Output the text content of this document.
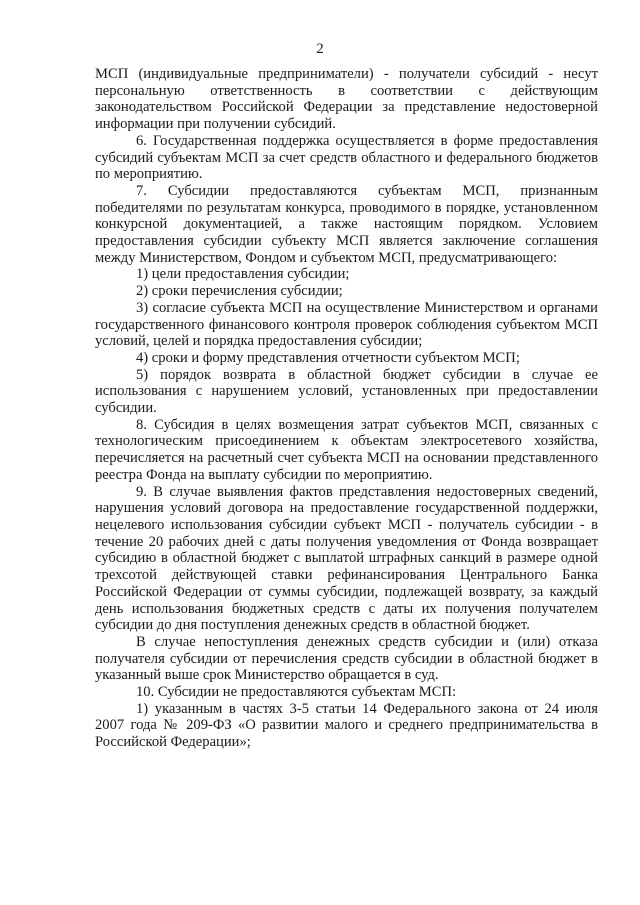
2

МСП (индивидуальные предприниматели) - получатели субсидий - несут персональную ответственность в соответствии с действующим законодательством Российской Федерации за представление недостоверной информации при получении субсидий.

6. Государственная поддержка осуществляется в форме предоставления субсидий субъектам МСП за счет средств областного и федерального бюджетов по мероприятию.

7. Субсидии предоставляются субъектам МСП, признанным победителями по результатам конкурса, проводимого в порядке, установленном конкурсной документацией, а также настоящим порядком. Условием предоставления субсидии субъекту МСП является заключение соглашения между Министерством, Фондом и субъектом МСП, предусматривающего:

1) цели предоставления субсидии;

2) сроки перечисления субсидии;

3) согласие субъекта МСП на осуществление Министерством и органами государственного финансового контроля проверок соблюдения субъектом МСП условий, целей и порядка предоставления субсидии;

4) сроки и форму представления отчетности субъектом МСП;

5) порядок возврата в областной бюджет субсидии в случае ее использования с нарушением условий, установленных при предоставлении субсидии.

8. Субсидия в целях возмещения затрат субъектов МСП, связанных с технологическим присоединением к объектам электросетевого хозяйства, перечисляется на расчетный счет субъекта МСП на основании представленного реестра Фонда на выплату субсидии по мероприятию.

9. В случае выявления фактов представления недостоверных сведений, нарушения условий договора на предоставление государственной поддержки, нецелевого использования субсидии субъект МСП - получатель субсидии - в течение 20 рабочих дней с даты получения уведомления от Фонда возвращает субсидию в областной бюджет с выплатой штрафных санкций в размере одной трехсотой действующей ставки рефинансирования Центрального Банка Российской Федерации от суммы субсидии, подлежащей возврату, за каждый день использования бюджетных средств с даты их получения получателем субсидии до дня поступления денежных средств в областной бюджет.

В случае непоступления денежных средств субсидии и (или) отказа получателя субсидии от перечисления средств субсидии в областной бюджет в указанный выше срок Министерство обращается в суд.

10. Субсидии не предоставляются субъектам МСП:

1) указанным в частях 3-5 статьи 14 Федерального закона от 24 июля 2007 года № 209-ФЗ «О развитии малого и среднего предпринимательства в Российской Федерации»;
